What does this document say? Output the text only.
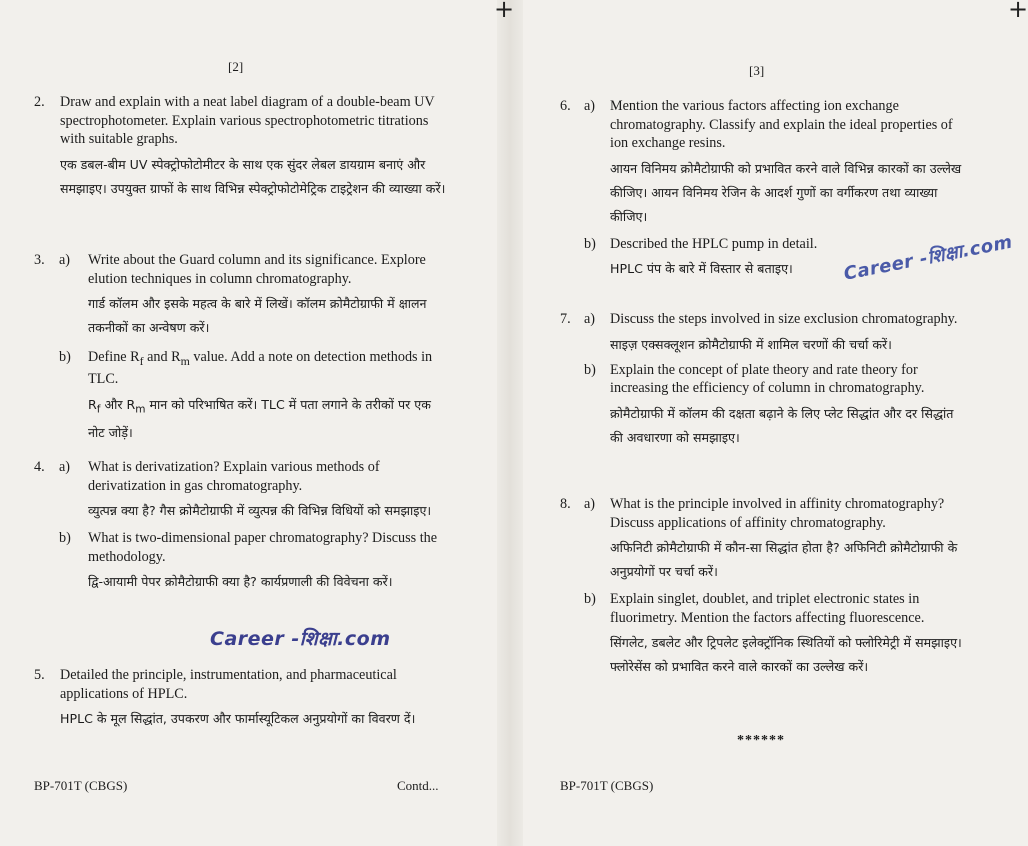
+	+
[2]
2. Draw and explain with a neat label diagram of a double-beam UV spectrophotometer. Explain various spectrophotometric titrations with suitable graphs.
एक डबल-बीम UV स्पेक्ट्रोफोटोमीटर के साथ एक सुंदर लेबल डायग्राम बनाएं और समझाइए। उपयुक्त ग्राफों के साथ विभिन्न स्पेक्ट्रोफोटोमेट्रिक टाइट्रेशन की व्याख्या करें।
3. a) Write about the Guard column and its significance. Explore elution techniques in column chromatography.
गार्ड कॉलम और इसके महत्व के बारे में लिखें। कॉलम क्रोमैटोग्राफी में क्षालन तकनीकों का अन्वेषण करें।
b) Define $R_f$ and $R_m$ value. Add a note on detection methods in TLC.
$R_f$ और $R_m$ मान को परिभाषित करें। TLC में पता लगाने के तरीकों पर एक नोट जोड़ें।
4. a) What is derivatization? Explain various methods of derivatization in gas chromatography.
व्युत्पन्न क्या है? गैस क्रोमैटोग्राफी में व्युत्पन्न की विभिन्न विधियों को समझाइए।
b) What is two-dimensional paper chromatography? Discuss the methodology.
द्वि-आयामी पेपर क्रोमैटोग्राफी क्या है? कार्यप्रणाली की विवेचना करें।
Career -शिक्षा.com
5. Detailed the principle, instrumentation, and pharmaceutical applications of HPLC.
HPLC के मूल सिद्धांत, उपकरण और फार्मास्यूटिकल अनुप्रयोगों का विवरण दें।
BP-701T (CBGS)	Contd...
[3]
6. a) Mention the various factors affecting ion exchange chromatography. Classify and explain the ideal properties of ion exchange resins.
आयन विनिमय क्रोमैटोग्राफी को प्रभावित करने वाले विभिन्न कारकों का उल्लेख कीजिए। आयन विनिमय रेजिन के आदर्श गुणों का वर्गीकरण तथा व्याख्या कीजिए।
b) Described the HPLC pump in detail.
HPLC पंप के बारे में विस्तार से बताइए।	Career -शिक्षा.com
7. a) Discuss the steps involved in size exclusion chromatography.
साइज़ एक्सक्लूशन क्रोमैटोग्राफी में शामिल चरणों की चर्चा करें।
b) Explain the concept of plate theory and rate theory for increasing the efficiency of column in chromatography.
क्रोमैटोग्राफी में कॉलम की दक्षता बढ़ाने के लिए प्लेट सिद्धांत और दर सिद्धांत की अवधारणा को समझाइए।
8. a) What is the principle involved in affinity chromatography? Discuss applications of affinity chromatography.
अफिनिटी क्रोमैटोग्राफी में कौन-सा सिद्धांत होता है? अफिनिटी क्रोमैटोग्राफी के अनुप्रयोगों पर चर्चा करें।
b) Explain singlet, doublet, and triplet electronic states in fluorimetry. Mention the factors affecting fluorescence.
सिंगलेट, डबलेट और ट्रिपलेट इलेक्ट्रॉनिक स्थितियों को फ्लोरिमेट्री में समझाइए। फ्लोरेसेंस को प्रभावित करने वाले कारकों का उल्लेख करें।
******
BP-701T (CBGS)
